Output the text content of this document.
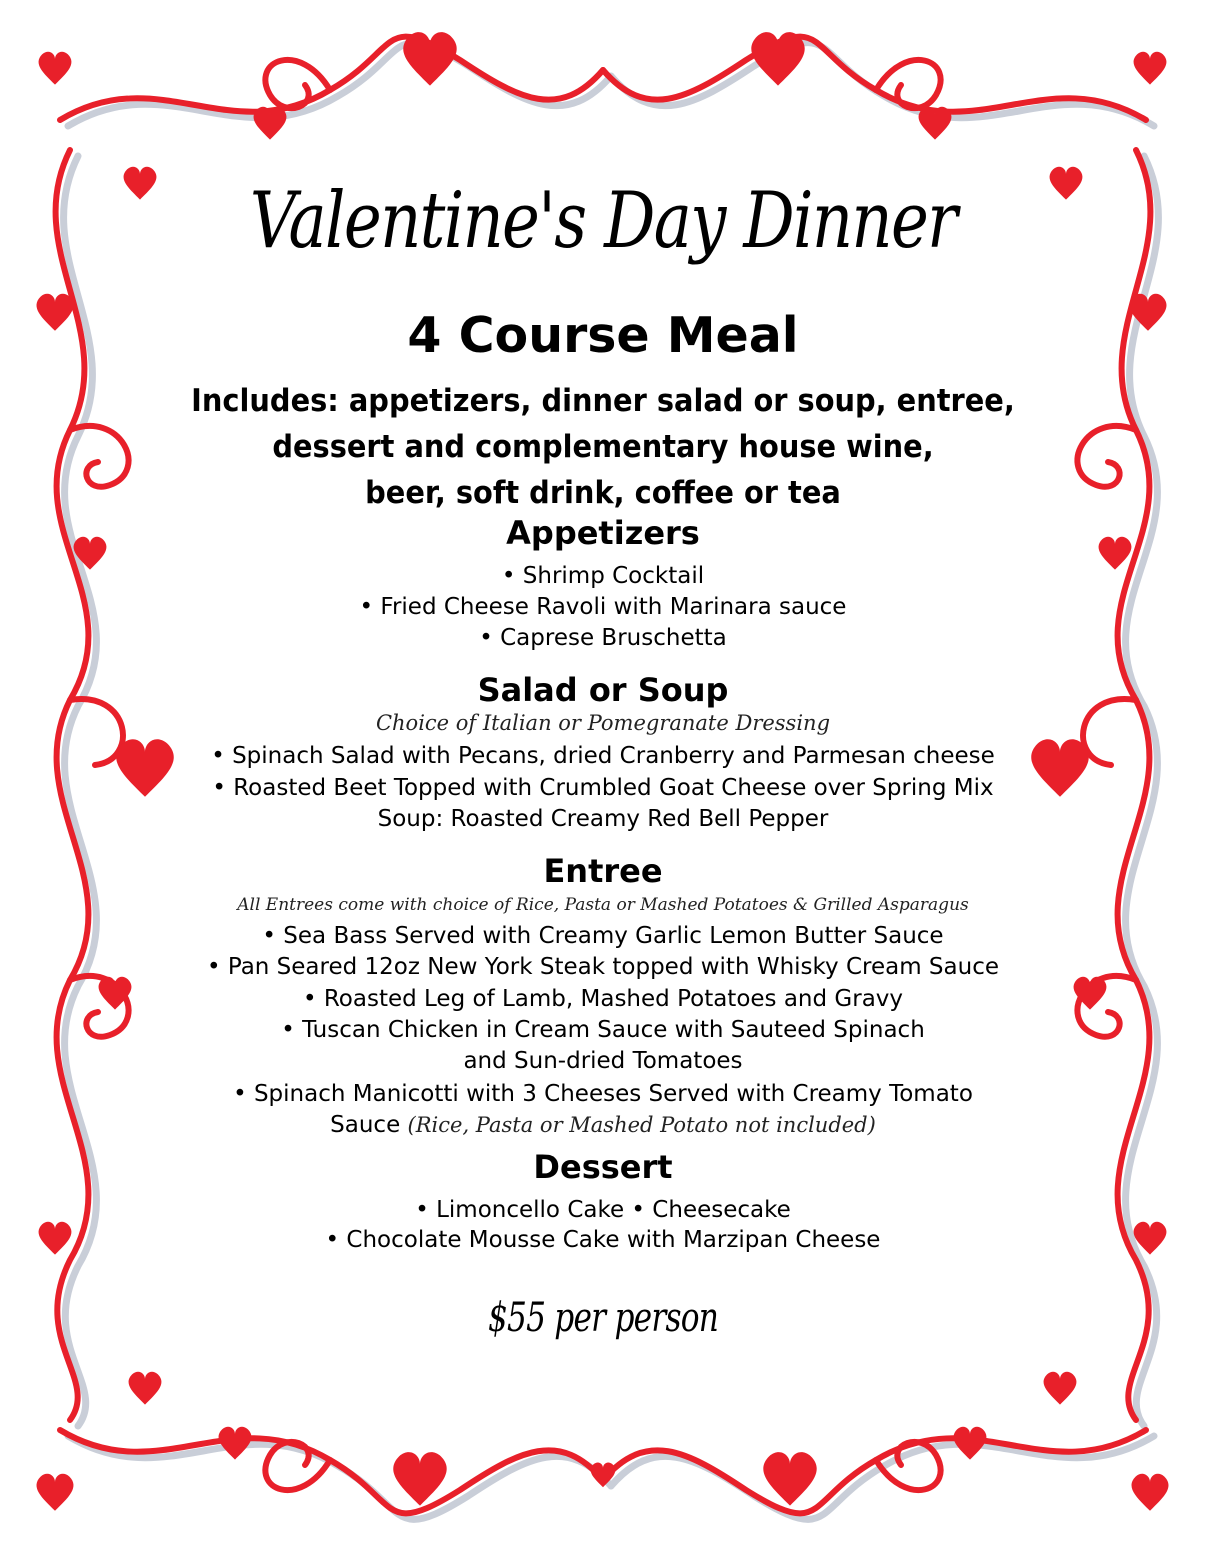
Valentine's Day Dinner
4 Course Meal
Includes: appetizers, dinner salad or soup, entree,
dessert and complementary house wine,
beer, soft drink, coffee or tea
Appetizers
• Shrimp Cocktail
• Fried Cheese Ravoli with Marinara sauce
• Caprese Bruschetta
Salad or Soup
Choice of Italian or Pomegranate Dressing
• Spinach Salad with Pecans, dried Cranberry and Parmesan cheese
• Roasted Beet Topped with Crumbled Goat Cheese over Spring Mix
Soup: Roasted Creamy Red Bell Pepper
Entree
All Entrees come with choice of Rice, Pasta or Mashed Potatoes & Grilled Asparagus
• Sea Bass Served with Creamy Garlic Lemon Butter Sauce
• Pan Seared 12oz New York Steak topped with Whisky Cream Sauce
• Roasted Leg of Lamb, Mashed Potatoes and Gravy
• Tuscan Chicken in Cream Sauce with Sauteed Spinach
and Sun-dried Tomatoes
• Spinach Manicotti with 3 Cheeses Served with Creamy Tomato
Sauce (Rice, Pasta or Mashed Potato not included)
Dessert
• Limoncello Cake • Cheesecake
• Chocolate Mousse Cake with Marzipan Cheese
$55 per person
